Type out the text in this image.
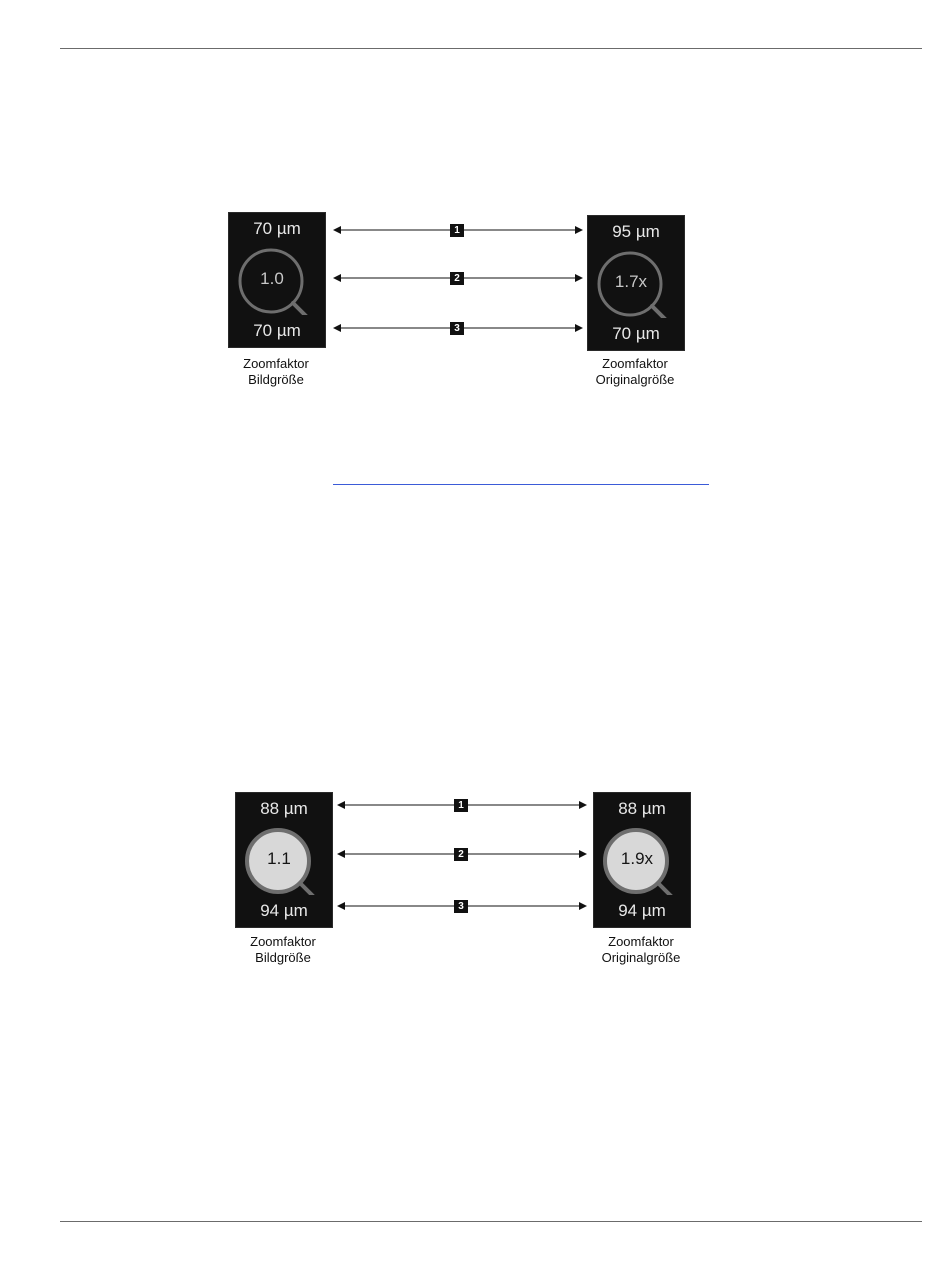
70 µm
1.0
70 µm
Zoomfaktor
Bildgröße
1
2
3
95 µm
1.7x
70 µm
Zoomfaktor
Originalgröße
88 µm
1.1
94 µm
Zoomfaktor
Bildgröße
1
2
3
88 µm
1.9x
94 µm
Zoomfaktor
Originalgröße
